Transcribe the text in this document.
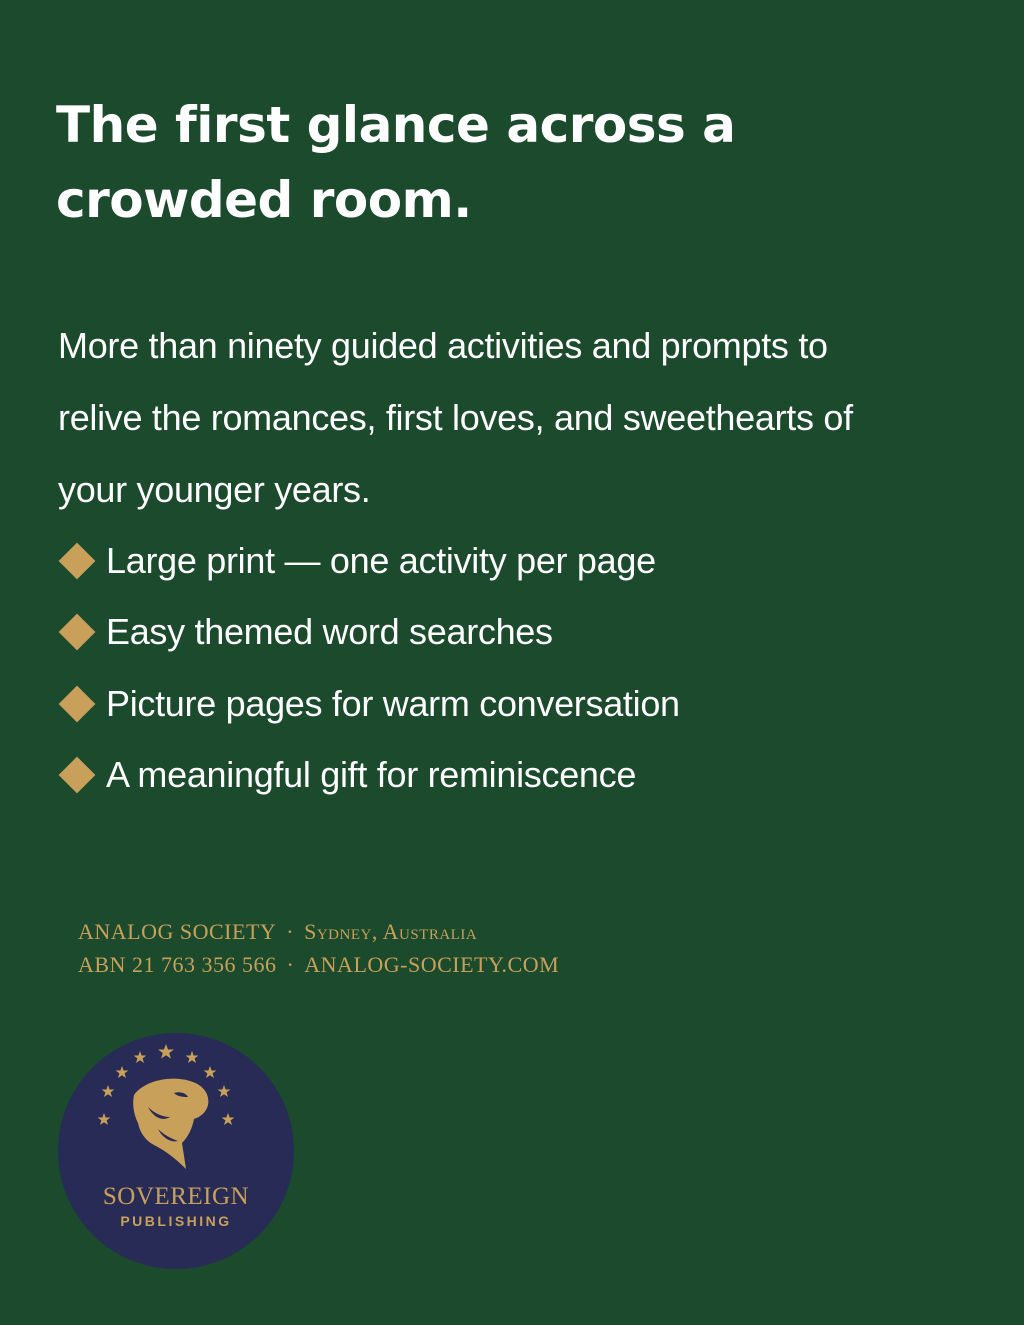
The first glance across a crowded room.

More than ninety guided activities and prompts to relive the romances, first loves, and sweethearts of your younger years.

Large print — one activity per page
Easy themed word searches
Picture pages for warm conversation
A meaningful gift for reminiscence
ANALOG SOCIETY · Sydney, Australia
ABN 21 763 356 566 · ANALOG-SOCIETY.COM
SOVEREIGN
PUBLISHING
